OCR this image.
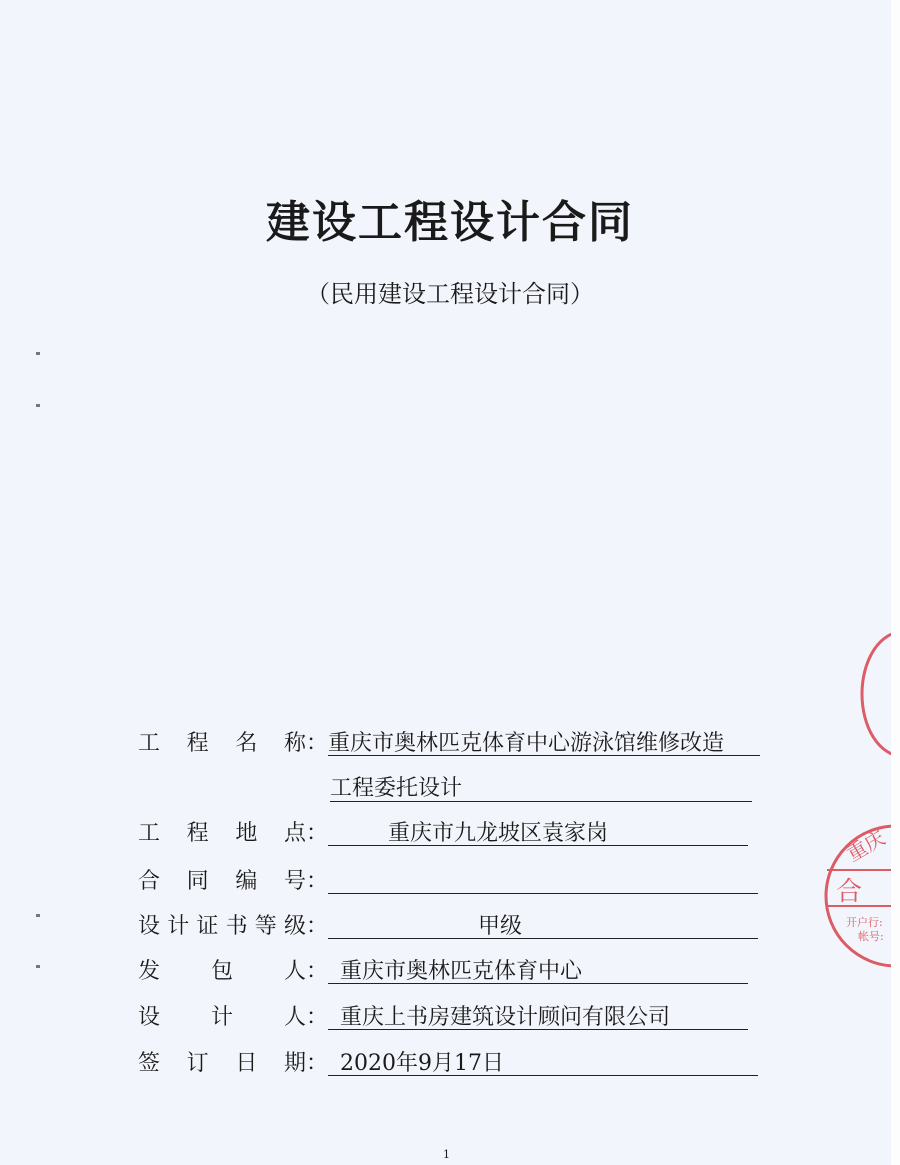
建设工程设计合同
（民用建设工程设计合同）
工 程 名 称： 重庆市奥林匹克体育中心游泳馆维修改造
工程委托设计
工 程 地 点：	重庆市九龙坡区袁家岗
合 同 编 号：
设 计 证 书 等 级：	甲级
发 包 人： 重庆市奥林匹克体育中心
设 计 人： 重庆上书房建筑设计顾问有限公司
签 订 日 期： 2020年9月17日
重庆
合
开户行:
帐号:
1
